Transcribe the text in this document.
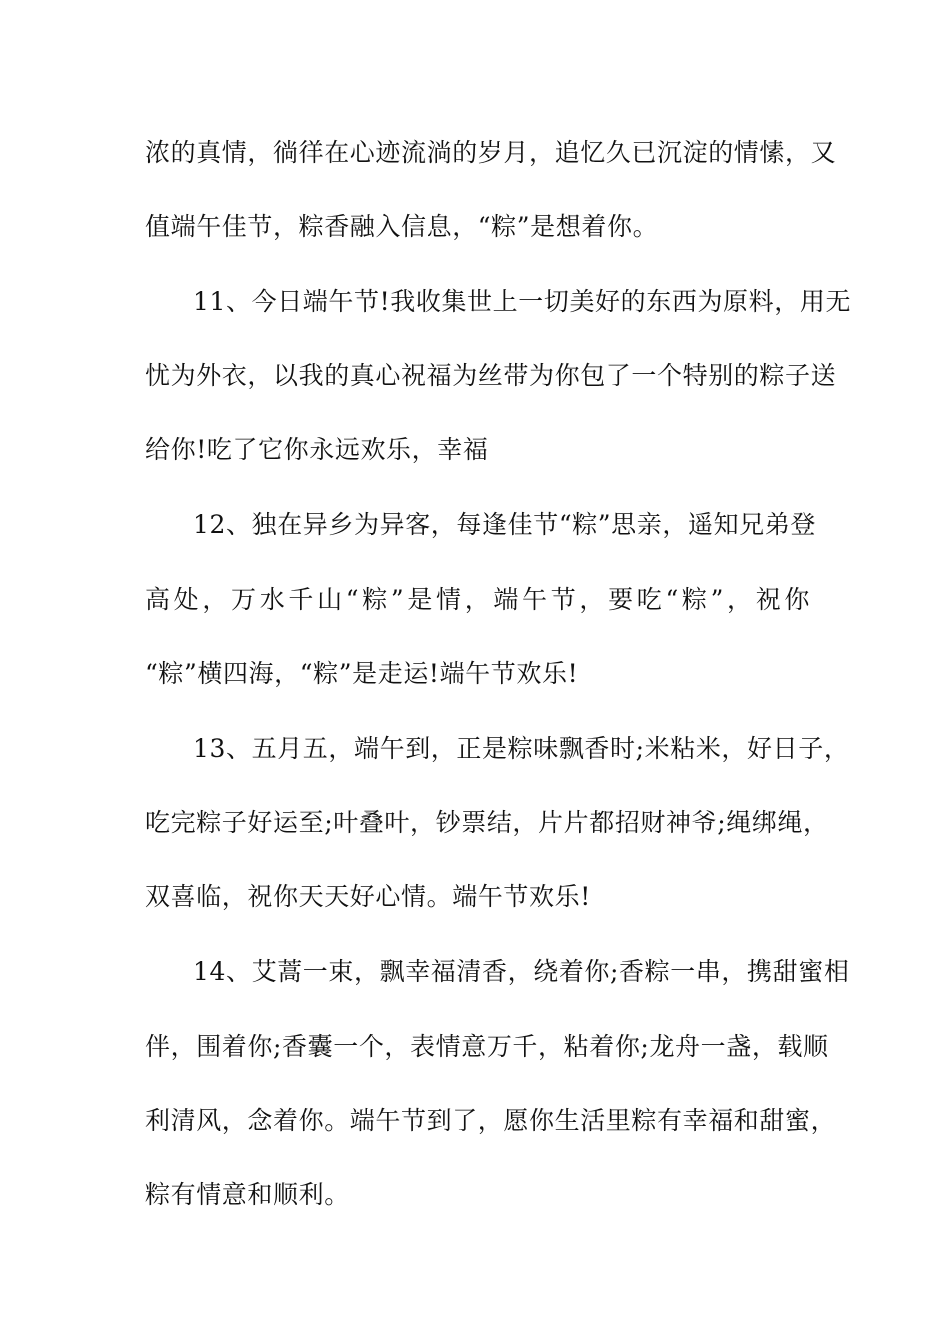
浓的真情，徜徉在心迹流淌的岁月，追忆久已沉淀的情愫，又
值端午佳节，粽香融入信息，“粽”是想着你。
11、今日端午节!我收集世上一切美好的东西为原料，用无
忧为外衣，以我的真心祝福为丝带为你包了一个特别的粽子送
给你!吃了它你永远欢乐，幸福
12、独在异乡为异客，每逢佳节“粽”思亲，遥知兄弟登
高处，万水千山“粽”是情，端午节，要吃“粽”，祝你
“粽”横四海，“粽”是走运!端午节欢乐!
13、五月五，端午到，正是粽味飘香时;米粘米，好日子，
吃完粽子好运至;叶叠叶，钞票结，片片都招财神爷;绳绑绳，
双喜临，祝你天天好心情。端午节欢乐!
14、艾蒿一束，飘幸福清香，绕着你;香粽一串，携甜蜜相
伴，围着你;香囊一个，表情意万千，粘着你;龙舟一盏，载顺
利清风，念着你。端午节到了，愿你生活里粽有幸福和甜蜜，
粽有情意和顺利。
